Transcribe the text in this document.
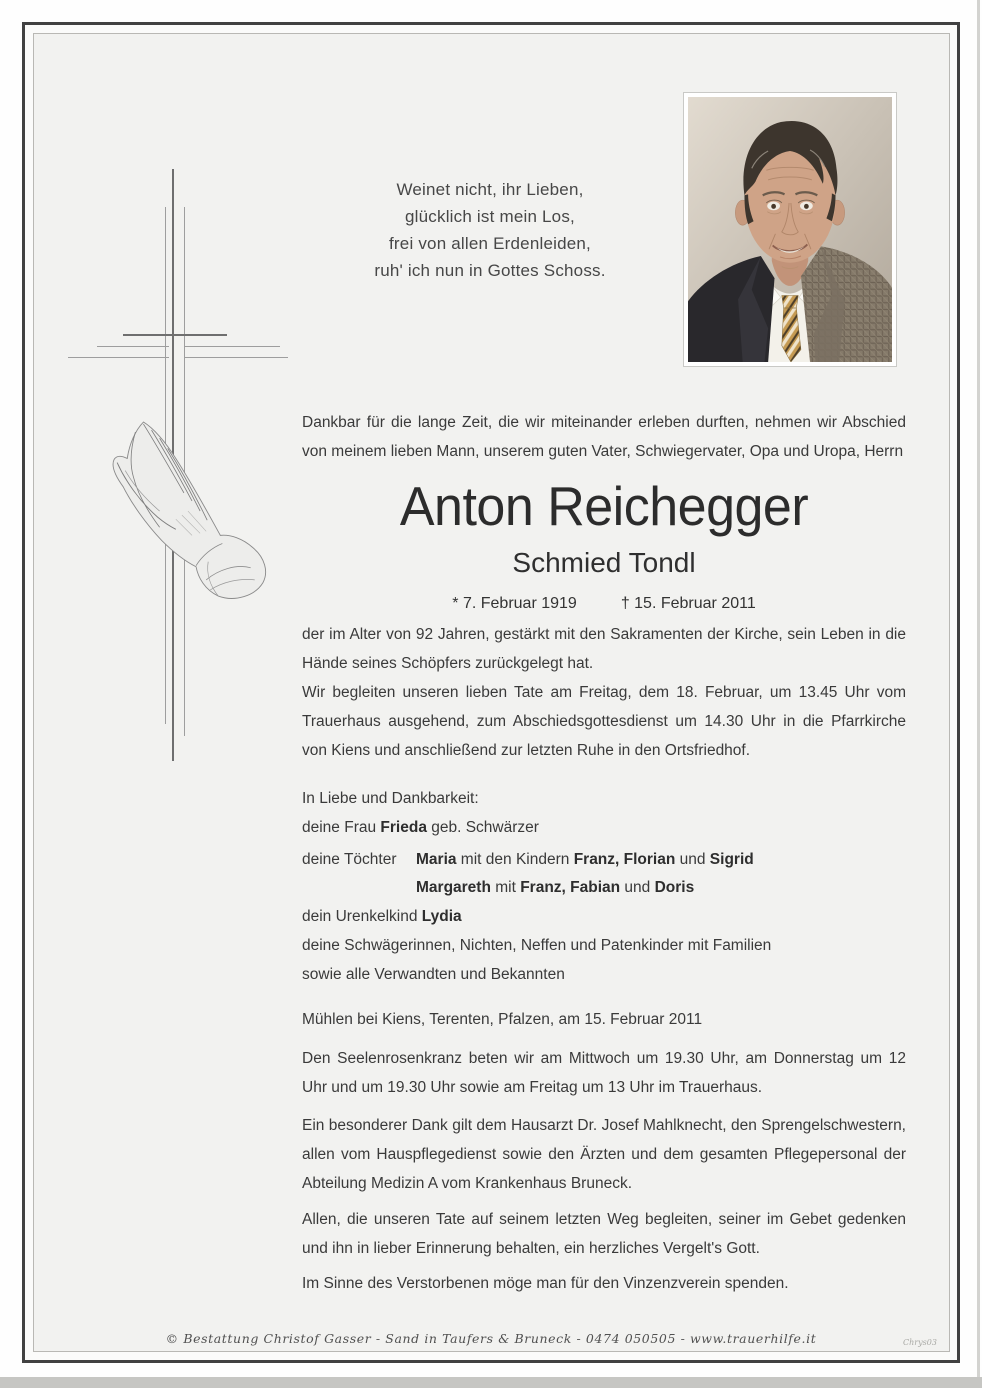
Weinet nicht, ihr Lieben,
glücklich ist mein Los,
frei von allen Erdenleiden,
ruh' ich nun in Gottes Schoss.
Dankbar für die lange Zeit, die wir miteinander erleben durften, nehmen wir Abschied von meinem lieben Mann, unserem guten Vater, Schwiegervater, Opa und Uropa, Herrn
Anton Reichegger
Schmied Tondl
* 7. Februar 1919	† 15. Februar 2011
der im Alter von 92 Jahren, gestärkt mit den Sakramenten der Kirche, sein Leben in die Hände seines Schöpfers zurückgelegt hat.
Wir begleiten unseren lieben Tate am Freitag, dem 18. Februar, um 13.45 Uhr vom Trauerhaus ausgehend, zum Abschiedsgottesdienst um 14.30 Uhr in die Pfarrkirche von Kiens und anschließend zur letzten Ruhe in den Ortsfriedhof.
In Liebe und Dankbarkeit:
deine Frau Frieda geb. Schwärzer
deine Töchter	Maria mit den Kindern Franz, Florian und Sigrid
Margareth mit Franz, Fabian und Doris
dein Urenkelkind Lydia
deine Schwägerinnen, Nichten, Neffen und Patenkinder mit Familien
sowie alle Verwandten und Bekannten
Mühlen bei Kiens, Terenten, Pfalzen, am 15. Februar 2011
Den Seelenrosenkranz beten wir am Mittwoch um 19.30 Uhr, am Donnerstag um 12 Uhr und um 19.30 Uhr sowie am Freitag um 13 Uhr im Trauerhaus.
Ein besonderer Dank gilt dem Hausarzt Dr. Josef Mahlknecht, den Sprengelschwestern, allen vom Hauspflegedienst sowie den Ärzten und dem gesamten Pflegepersonal der Abteilung Medizin A vom Krankenhaus Bruneck.
Allen, die unseren Tate auf seinem letzten Weg begleiten, seiner im Gebet gedenken und ihn in lieber Erinnerung behalten, ein herzliches Vergelt's Gott.
Im Sinne des Verstorbenen möge man für den Vinzenzverein spenden.
© Bestattung Christof Gasser - Sand in Taufers & Bruneck - 0474 050505 - www.trauerhilfe.it	Chrys03
